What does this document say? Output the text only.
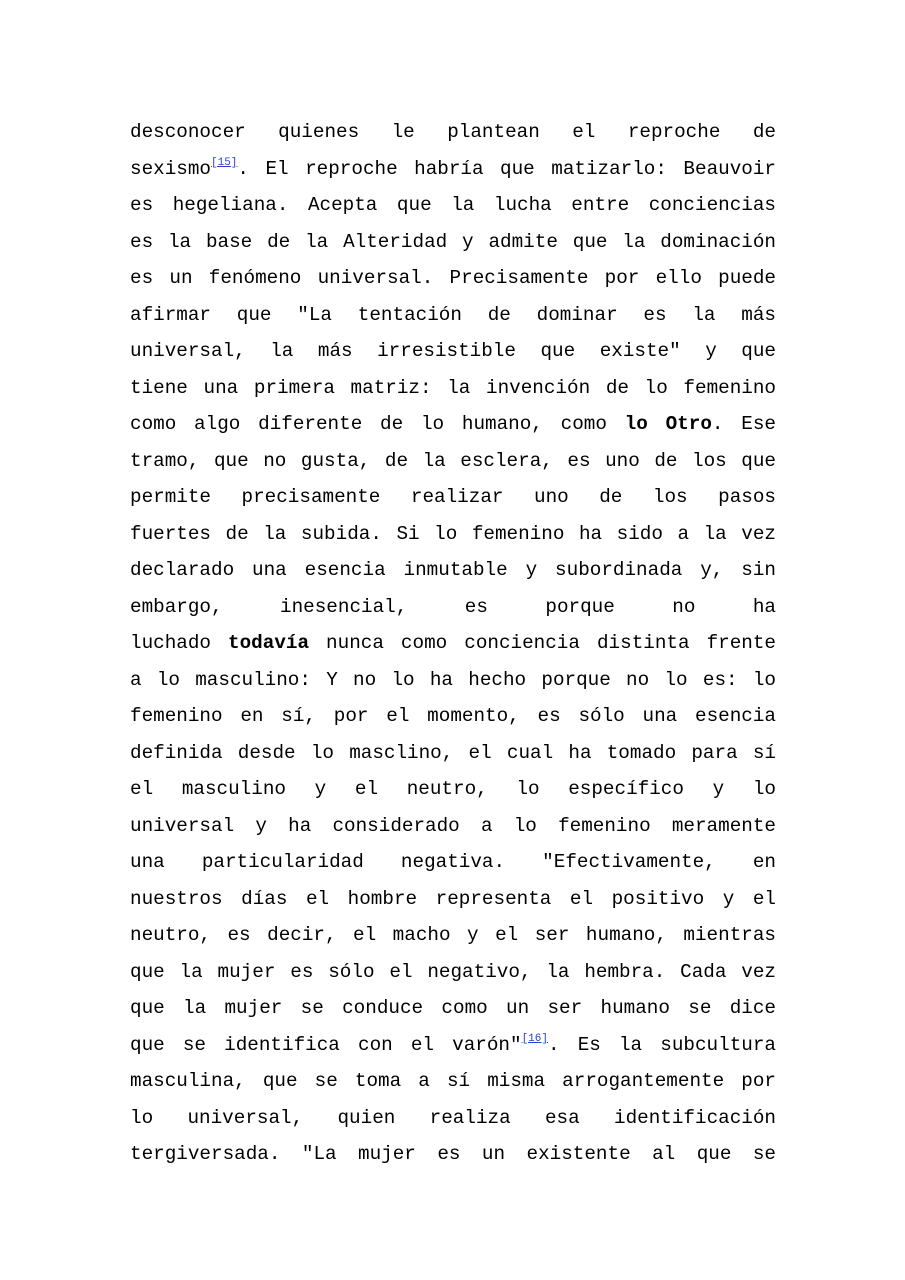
desconocer quienes le plantean el reproche de
sexismo[15]. El reproche habría que matizarlo: Beauvoir
es hegeliana. Acepta que la lucha entre conciencias
es la base de la Alteridad y admite que la dominación
es un fenómeno universal. Precisamente por ello puede
afirmar que "La tentación de dominar es la más
universal, la más irresistible que existe" y que
tiene una primera matriz: la invención de lo femenino
como algo diferente de lo humano, como lo Otro. Ese
tramo, que no gusta, de la esclera, es uno de los que
permite precisamente realizar uno de los pasos
fuertes de la subida. Si lo femenino ha sido a la vez
declarado una esencia inmutable y subordinada y, sin
embargo, inesencial, es porque no ha
luchado todavía nunca como conciencia distinta frente
a lo masculino: Y no lo ha hecho porque no lo es: lo
femenino en sí, por el momento, es sólo una esencia
definida desde lo masclino, el cual ha tomado para sí
el masculino y el neutro, lo específico y lo
universal y ha considerado a lo femenino meramente
una particularidad negativa. "Efectivamente, en
nuestros días el hombre representa el positivo y el
neutro, es decir, el macho y el ser humano, mientras
que la mujer es sólo el negativo, la hembra. Cada vez
que la mujer se conduce como un ser humano se dice
que se identifica con el varón"[16]. Es la subcultura
masculina, que se toma a sí misma arrogantemente por
lo universal, quien realiza esa identificación
tergiversada. "La mujer es un existente al que se
